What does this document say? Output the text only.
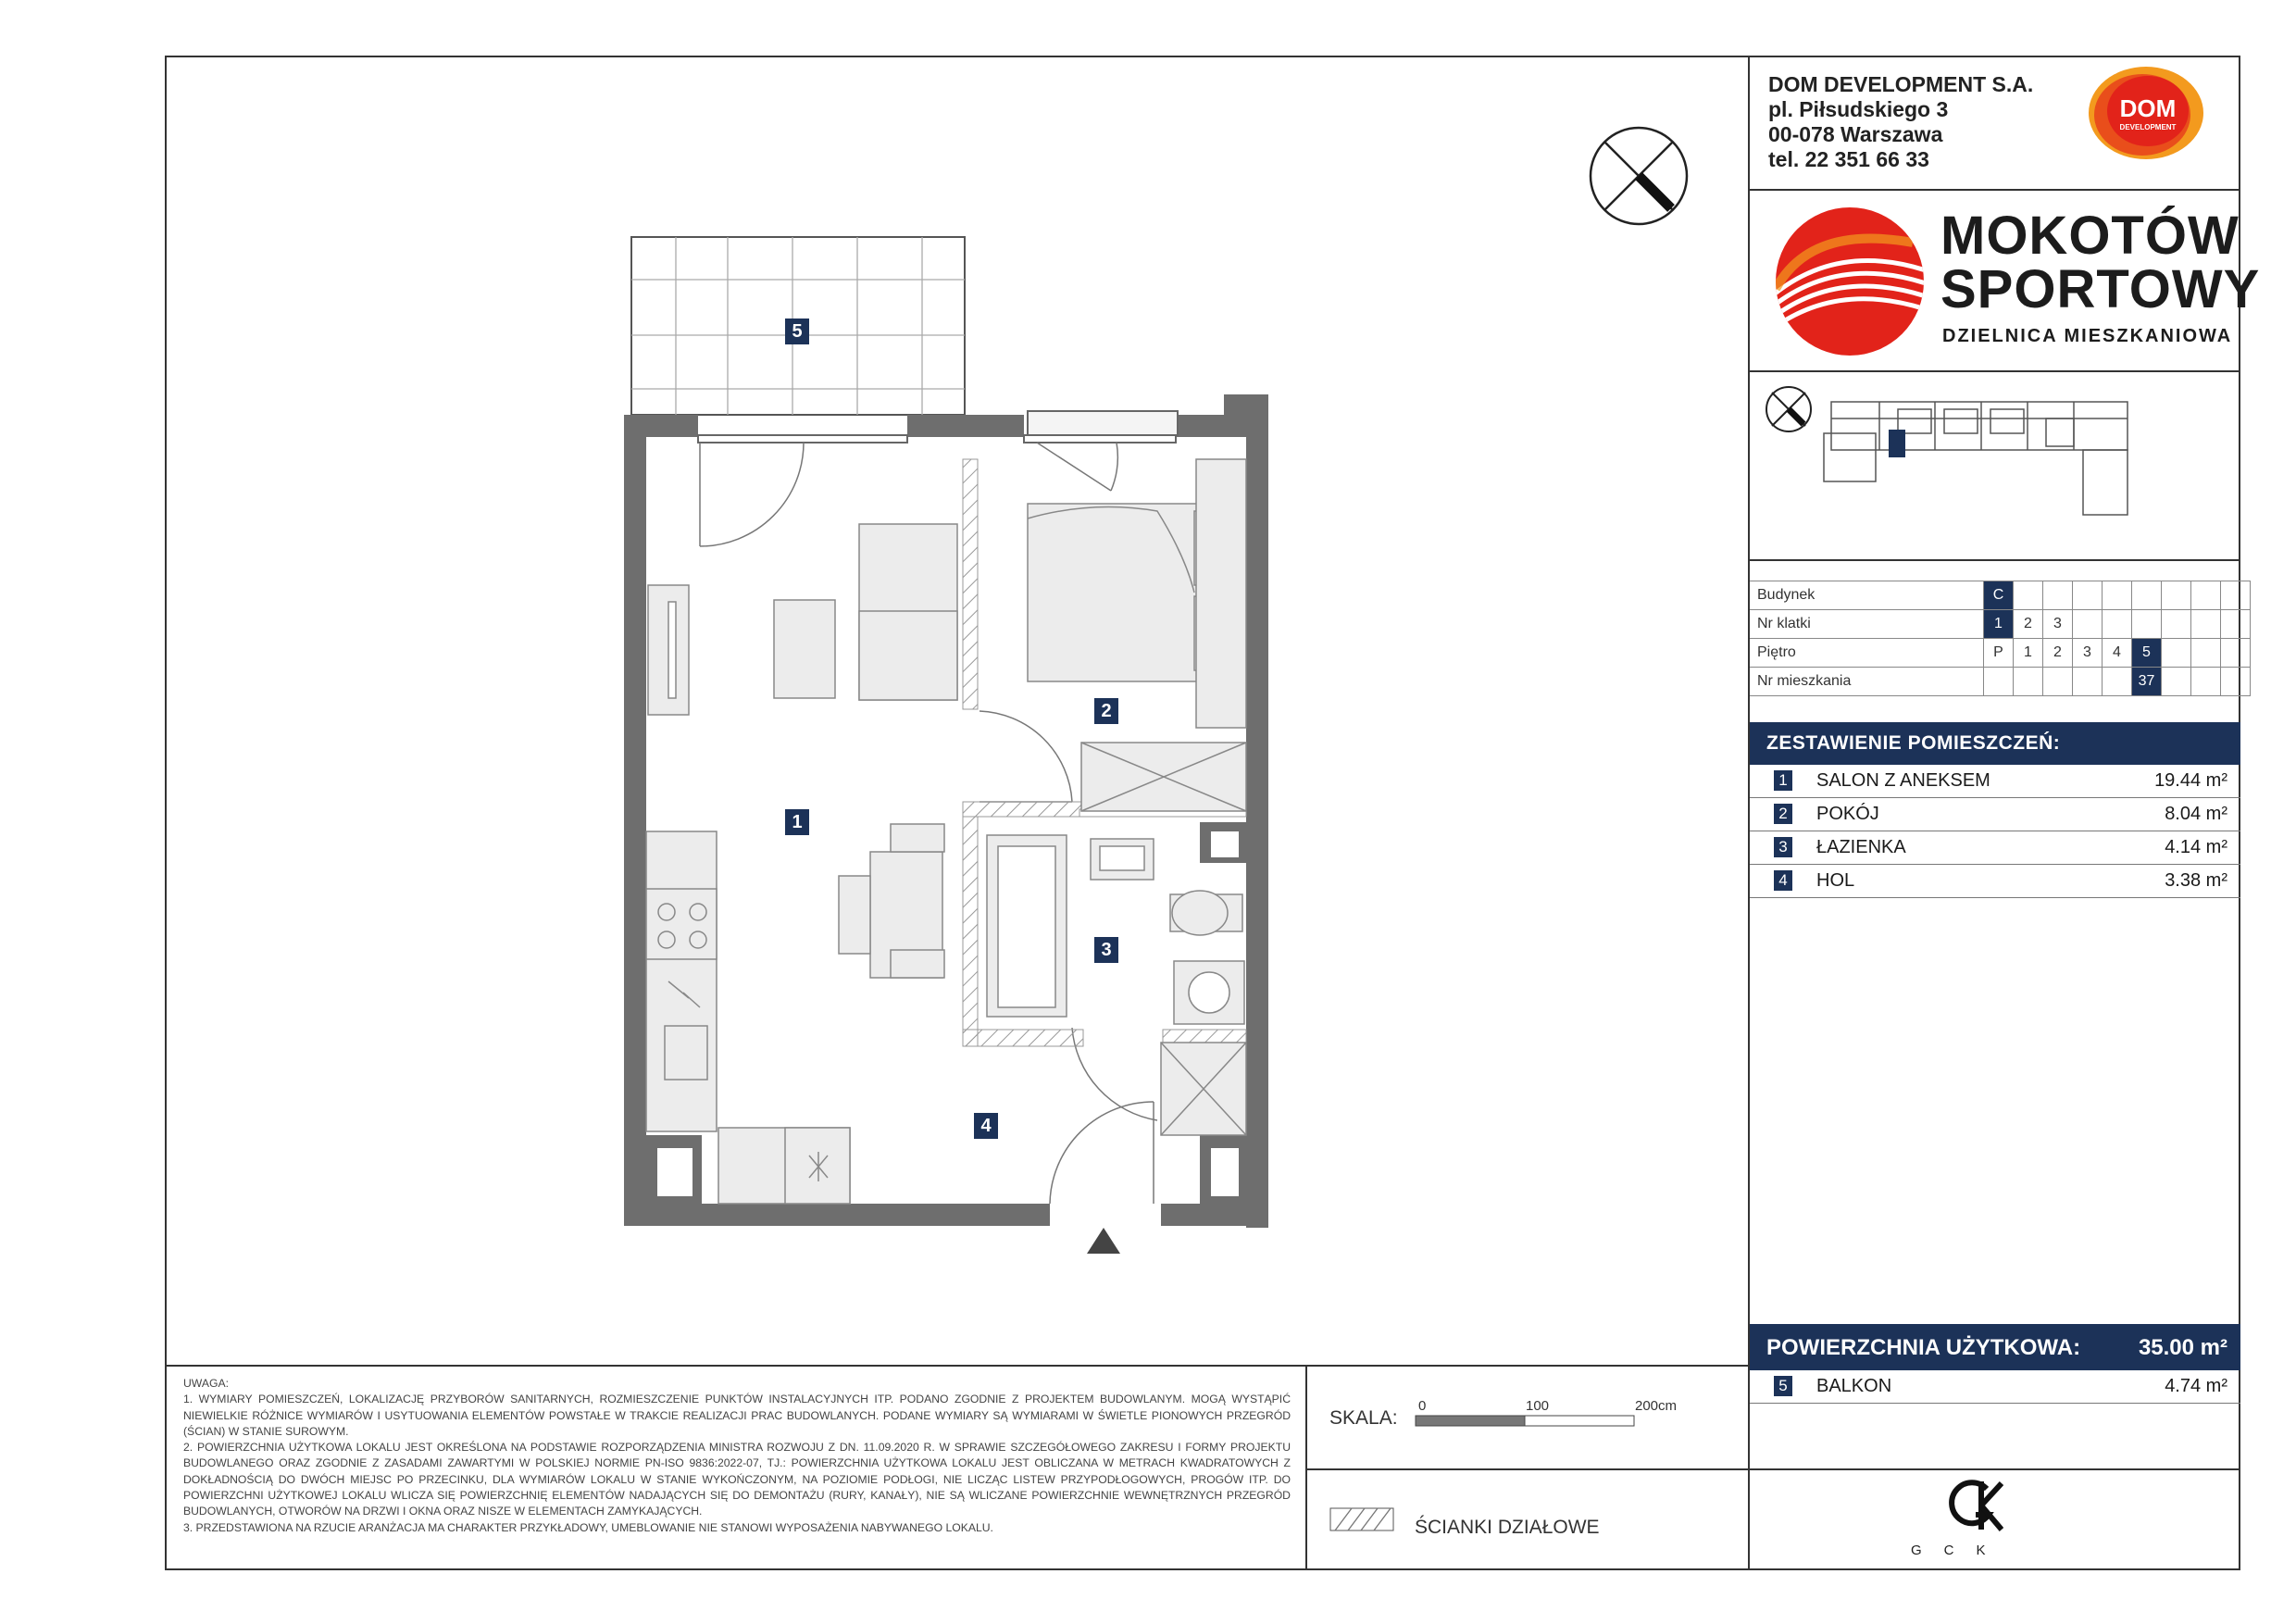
DOM DEVELOPMENT S.A.
pl. Piłsudskiego 3
00-078 Warszawa
tel. 22 351 66 33
DOM
DEVELOPMENT
MOKOTÓW
SPORTOWY
DZIELNICA MIESZKANIOWA
Budynek	C								
Nr klatki	1	2	3						
Piętro	P	1	2	3	4	5			
Nr mieszkania						37			
ZESTAWIENIE POMIESZCZEŃ:
1 SALON Z ANEKSEM	19.44 m²
2 POKÓJ	8.04 m²
3 ŁAZIENKA	4.14 m²
4 HOL	3.38 m²
POWIERZCHNIA UŻYTKOWA:	35.00 m²
5 BALKON	4.74 m²
GCK

UWAGA:

1. WYMIARY POMIESZCZEŃ, LOKALIZACJĘ PRZYBORÓW SANITARNYCH, ROZMIESZCZENIE PUNKTÓW INSTALACYJNYCH ITP. PODANO ZGODNIE Z PROJEKTEM BUDOWLANYM. MOGĄ WYSTĄPIĆ NIEWIELKIE RÓŻNICE WYMIARÓW I USYTUOWANIA ELEMENTÓW POWSTAŁE W TRAKCIE REALIZACJI PRAC BUDOWLANYCH. PODANE WYMIARY SĄ WYMIARAMI W ŚWIETLE PIONOWYCH PRZEGRÓD (ŚCIAN) W STANIE SUROWYM.

2. POWIERZCHNIA UŻYTKOWA LOKALU JEST OKREŚLONA NA PODSTAWIE ROZPORZĄDZENIA MINISTRA ROZWOJU Z DN. 11.09.2020 R. W SPRAWIE SZCZEGÓŁOWEGO ZAKRESU I FORMY PROJEKTU BUDOWLANEGO ORAZ ZGODNIE Z ZASADAMI ZAWARTYMI W POLSKIEJ NORMIE PN-ISO 9836:2022-07, TJ.: POWIERZCHNIA UŻYTKOWA LOKALU JEST OBLICZANA W METRACH KWADRATOWYCH Z DOKŁADNOŚCIĄ DO DWÓCH MIEJSC PO PRZECINKU, DLA WYMIARÓW LOKALU W STANIE WYKOŃCZONYM, NA POZIOMIE PODŁOGI, NIE LICZĄC LISTEW PRZYPODŁOGOWYCH, PROGÓW ITP. DO POWIERZCHNI UŻYTKOWEJ LOKALU WLICZA SIĘ POWIERZCHNIĘ ELEMENTÓW NADAJĄCYCH SIĘ DO DEMONTAŻU (RURY, KANAŁY), NIE SĄ WLICZANE POWIERZCHNIE WEWNĘTRZNYCH PRZEGRÓD BUDOWLANYCH, OTWORÓW NA DRZWI I OKNA ORAZ NISZE W ELEMENTACH ZAMYKAJĄCYCH.

3. PRZEDSTAWIONA NA RZUCIE ARANŻACJA MA CHARAKTER PRZYKŁADOWY, UMEBLOWANIE NIE STANOWI WYPOSAŻENIA NABYWANEGO LOKALU.

SKALA:
0	100	200cm
ŚCIANKI DZIAŁOWE
5
1
2
3
4
